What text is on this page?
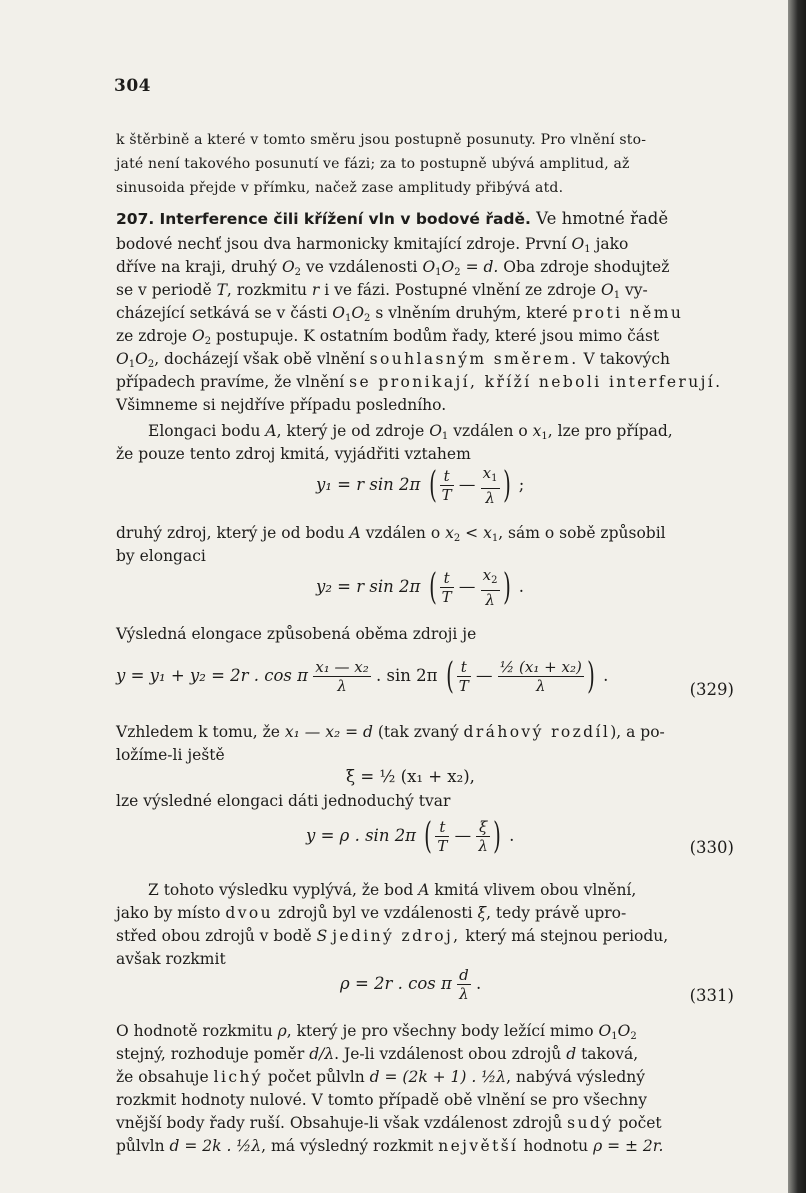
304
k štěrbině a které v tomto směru jsou postupně posunuty. Pro vlnění sto-
jaté není takového posunutí ve fázi; za to postupně ubývá amplitud, až
sinusoida přejde v přímku, načež zase amplitudy přibývá atd.
207. Interference čili křížení vln v bodové řadě. Ve hmotné řadě
bodové nechť jsou dva harmonicky kmitající zdroje. První $O_1$ jako
dříve na kraji, druhý $O_2$ ve vzdálenosti $O_1O_2 = d$. Oba zdroje shodujtež
se v periodě T, rozkmitu r i ve fázi. Postupné vlnění ze zdroje $O_1$ vy-
cházející setkává se v části $O_1O_2$ s vlněním druhým, které proti němu
ze zdroje $O_2$ postupuje. K ostatním bodům řady, které jsou mimo část
$O_1O_2$, docházejí však obě vlnění souhlasným směrem. V takových
případech pravíme, že vlnění se pronikají, kříží neboli interferují.
Všimneme si nejdříve případu posledního.
Elongaci bodu A, který je od zdroje $O_1$ vzdálen o $x_1$, lze pro případ,
že pouze tento zdroj kmitá, vyjádřiti vztahem
y₁ = r sin 2π ( $\frac{t}{T}$ — $\frac{x_1}{\lambda}$ ) ;
druhý zdroj, který je od bodu A vzdálen o $x_2 < x_1$, sám o sobě způsobil
by elongaci
y₂ = r sin 2π ( $\frac{t}{T}$ — $\frac{x_2}{\lambda}$ ) .
Výsledná elongace způsobená oběma zdroji je
y = y₁ + y₂ = 2r . cos π $\frac{\text{x₁ — x₂}}{\lambda}$ . sin 2π ( $\frac{t}{T}$ — $\frac{\text{½ (x₁ + x₂)}}{\lambda}$ ) .
(329)
Vzhledem k tomu, že x₁ — x₂ = d (tak zvaný dráhový rozdíl), a po-
ložíme-li ještě
ξ = ½ (x₁ + x₂),
lze výsledné elongaci dáti jednoduchý tvar
y = ρ . sin 2π ( $\frac{t}{T}$ — $\frac{\xi}{\lambda}$ ) .
(330)
Z tohoto výsledku vyplývá, že bod A kmitá vlivem obou vlnění,
jako by místo dvou zdrojů byl ve vzdálenosti ξ, tedy právě upro-
střed obou zdrojů v bodě S jediný zdroj, který má stejnou periodu,
avšak rozkmit
ρ = 2r . cos π $\frac{d}{\lambda}$ .
(331)
O hodnotě rozkmitu ρ, který je pro všechny body ležící mimo $O_1O_2$
stejný, rozhoduje poměr d/λ. Je-li vzdálenost obou zdrojů d taková,
že obsahuje lichý počet půlvln d = (2k + 1) . ½λ, nabývá výsledný
rozkmit hodnoty nulové. V tomto případě obě vlnění se pro všechny
vnější body řady ruší. Obsahuje-li však vzdálenost zdrojů sudý počet
půlvln d = 2k . ½λ, má výsledný rozkmit největší hodnotu ρ = ± 2r.
